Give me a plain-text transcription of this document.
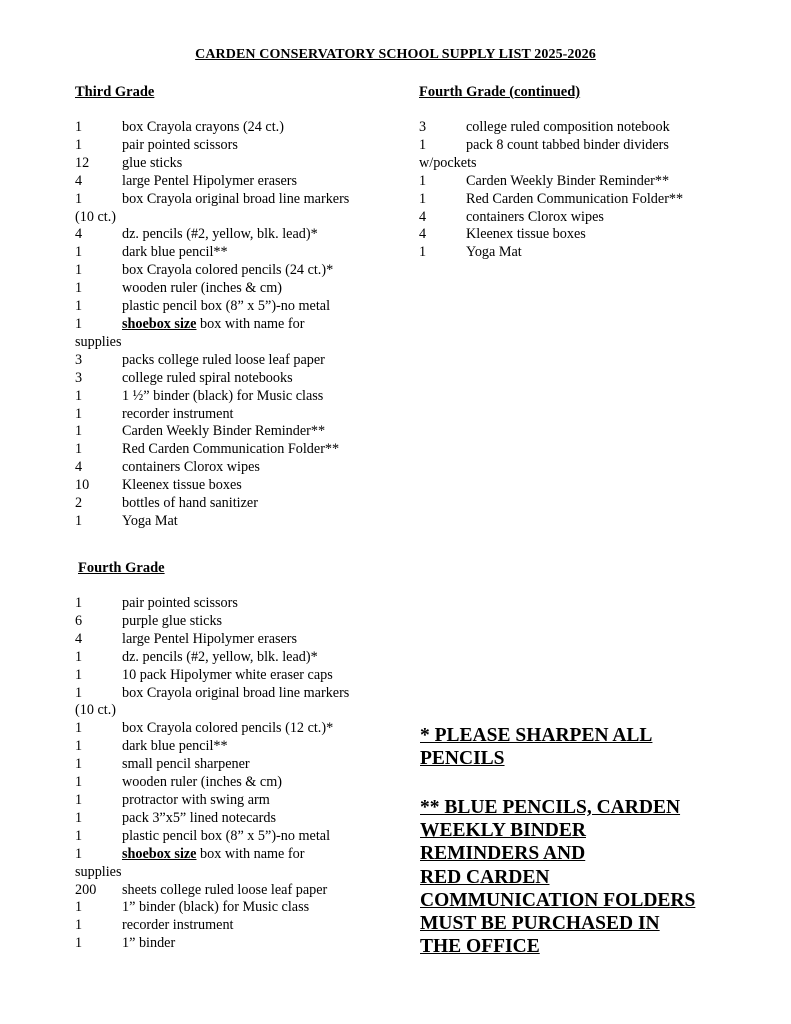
CARDEN CONSERVATORY SCHOOL SUPPLY LIST 2025-2026
Third Grade
1	box Crayola crayons (24 ct.)
1	pair pointed scissors
12 glue sticks
4	large Pentel Hipolymer erasers
1	box Crayola original broad line markers
(10 ct.)
4	dz. pencils (#2, yellow, blk. lead)*
1	dark blue pencil**
1	box Crayola colored pencils (24 ct.)*
1	wooden ruler (inches & cm)
1	plastic pencil box (8” x 5”)-no metal
1	shoebox size box with name for
supplies
3	packs college ruled loose leaf paper
3	college ruled spiral notebooks
1	1 ½” binder (black) for Music class
1	recorder instrument
1	Carden Weekly Binder Reminder**
1	Red Carden Communication Folder**
4	containers Clorox wipes
10 Kleenex tissue boxes
2	bottles of hand sanitizer
1	Yoga Mat
Fourth Grade
1	pair pointed scissors
6	purple glue sticks
4	large Pentel Hipolymer erasers
1	dz. pencils (#2, yellow, blk. lead)*
1	10 pack Hipolymer white eraser caps
1	box Crayola original broad line markers
(10 ct.)
1	box Crayola colored pencils (12 ct.)*
1	dark blue pencil**
1	small pencil sharpener
1	wooden ruler (inches & cm)
1	protractor with swing arm
1	pack 3”x5” lined notecards
1	plastic pencil box (8” x 5”)-no metal
1	shoebox size box with name for
supplies
200 sheets college ruled loose leaf paper
1	1” binder (black) for Music class
1	recorder instrument
1	1” binder
Fourth Grade (continued)
3	college ruled composition notebook
1	pack 8 count tabbed binder dividers
w/pockets
1	Carden Weekly Binder Reminder**
1	Red Carden Communication Folder**
4	containers Clorox wipes
4	Kleenex tissue boxes
1	Yoga Mat
* PLEASE SHARPEN ALL
PENCILS
** BLUE PENCILS, CARDEN
WEEKLY BINDER
REMINDERS AND
RED CARDEN
COMMUNICATION FOLDERS
MUST BE PURCHASED IN
THE OFFICE
